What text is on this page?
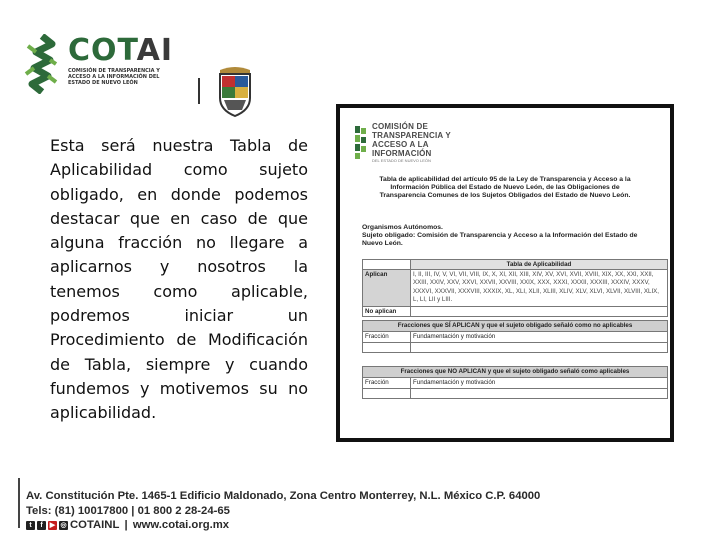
COTAI
COMISIÓN DE TRANSPARENCIA Y ACCESO A LA INFORMACIÓN DEL ESTADO DE NUEVO LEÓN
Esta será nuestra Tabla de Aplicabilidad como sujeto obligado, en donde podemos destacar que en caso de que alguna fracción no llegare a aplicarnos y nosotros la tenemos como aplicable, podremos iniciar un Procedimiento de Modificación de Tabla, siempre y cuando fundemos y motivemos su no aplicabilidad.
COMISIÓN DE
TRANSPARENCIA Y
ACCESO A LA
INFORMACIÓN
DEL ESTADO DE NUEVO LEÓN
Tabla de aplicabilidad del artículo 95 de la Ley de Transparencia y Acceso a la Información Pública del Estado de Nuevo León, de las Obligaciones de Transparencia Comunes de los Sujetos Obligados del Estado de Nuevo León.
Organismos Autónomos.
Sujeto obligado: Comisión de Transparencia y Acceso a la Información del Estado de Nuevo León.
	Tabla de Aplicabilidad
Aplican	I, II, III, IV, V, VI, VII, VIII, IX, X, XI, XII, XIII, XIV, XV, XVI, XVII, XVIII, XIX, XX, XXI, XXII, XXIII, XXIV, XXV, XXVI, XXVII, XXVIII, XXIX, XXX, XXXI, XXXII, XXXIII, XXXIV, XXXV, XXXVI, XXXVII, XXXVIII, XXXIX, XL, XLI, XLII, XLIII, XLIV, XLV, XLVI, XLVII, XLVIII, XLIX, L, LI, LII y LIII.
No aplican	
Fracciones que SÍ APLICAN y que el sujeto obligado señaló como no aplicables	
Fracción	Fundamentación y motivación

Fracciones que NO APLICAN y que el sujeto obligado señaló como aplicables	
Fracción	Fundamentación y motivación

Av. Constitución Pte. 1465-1 Edificio Maldonado, Zona Centro Monterrey, N.L. México C.P. 64000
Tels: (81) 10017800 | 01 800 2 28-24-65
t	f	▶ ◎ COTAINL | www.cotai.org.mx
